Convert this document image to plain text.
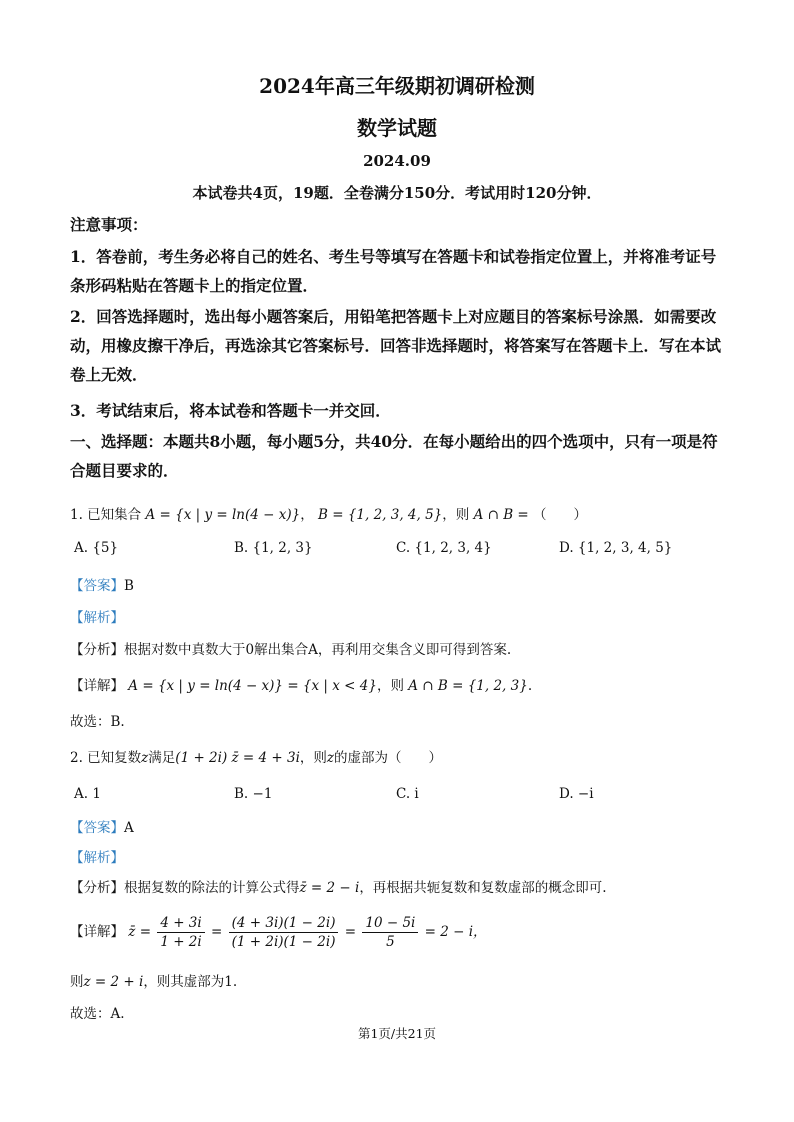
2024年高三年级期初调研检测
数学试题
2024.09
本试卷共4页，19题．全卷满分150分．考试用时120分钟．
注意事项：
1．答卷前，考生务必将自己的姓名、考生号等填写在答题卡和试卷指定位置上，并将准考证号条形码粘贴在答题卡上的指定位置．
2．回答选择题时，选出每小题答案后，用铅笔把答题卡上对应题目的答案标号涂黑．如需要改动，用橡皮擦干净后，再选涂其它答案标号．回答非选择题时，将答案写在答题卡上．写在本试卷上无效．
3．考试结束后，将本试卷和答题卡一并交回．
一、选择题：本题共8小题，每小题5分，共40分．在每小题给出的四个选项中，只有一项是符合题目要求的．
1. 已知集合 A = {x | y = ln(4 − x)}， B = {1, 2, 3, 4, 5}，则 A ∩ B = （　　）
A. {5}	B. {1, 2, 3}	C. {1, 2, 3, 4}	D. {1, 2, 3, 4, 5}
【答案】B
【解析】
【分析】根据对数中真数大于0解出集合A，再利用交集含义即可得到答案.
【详解】 A = {x | y = ln(4 − x)} = {x | x < 4}，则 A ∩ B = {1, 2, 3}.
故选：B.
2. 已知复数z满足(1 + 2i) z̄ = 4 + 3i，则z的虚部为（　　）
A. 1	B. −1	C. i	D. −i
【答案】A
【解析】
【分析】根据复数的除法的计算公式得z̄ = 2 − i，再根据共轭复数和复数虚部的概念即可.
【详解】 z̄ = $\frac{4 + 3i}{1 + 2i} = \frac{(4 + 3i)(1 - 2i)}{(1 + 2i)(1 - 2i)} = \frac{10 - 5i}{5} = 2 - i$，
则z = 2 + i，则其虚部为1.
故选：A.
第1页/共21页
